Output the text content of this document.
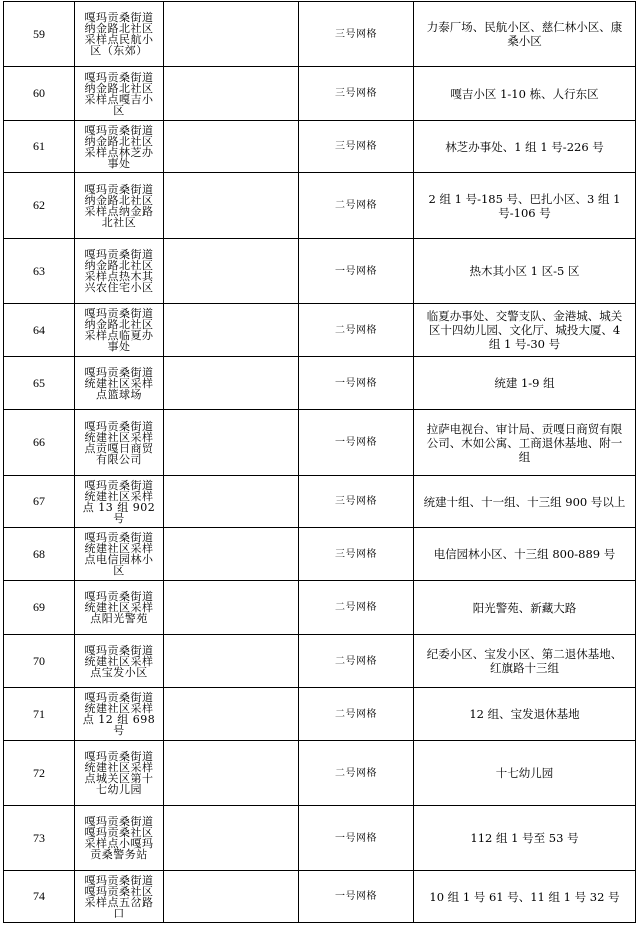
59	嘎玛贡桑街道纳金路北社区采样点民航小区（东郊）		三号网格	力泰厂场、民航小区、慈仁林小区、康桑小区
60	嘎玛贡桑街道纳金路北社区采样点嘎吉小区		三号网格	嘎吉小区 1-10 栋、人行东区
61	嘎玛贡桑街道纳金路北社区采样点林芝办事处		三号网格	林芝办事处、1 组 1 号-226 号
62	嘎玛贡桑街道纳金路北社区采样点纳金路北社区		二号网格	2 组 1 号-185 号、巴扎小区、3 组 1 号-106 号
63	嘎玛贡桑街道纳金路北社区采样点热木其兴农住宅小区		一号网格	热木其小区 1 区-5 区
64	嘎玛贡桑街道纳金路北社区采样点临夏办事处		二号网格	临夏办事处、交警支队、金港城、城关区十四幼儿园、文化厅、城投大厦、4 组 1 号-30 号
65	嘎玛贡桑街道统建社区采样点篮球场		一号网格	统建 1-9 组
66	嘎玛贡桑街道统建社区采样点贡嘎日商贸有限公司		一号网格	拉萨电视台、审计局、贡嘎日商贸有限公司、木如公寓、工商退休基地、附一组
67	嘎玛贡桑街道统建社区采样点 13 组 902 号		三号网格	统建十组、十一组、十三组 900 号以上
68	嘎玛贡桑街道统建社区采样点电信园林小区		三号网格	电信园林小区、十三组 800-889 号
69	嘎玛贡桑街道统建社区采样点阳光警苑		二号网格	阳光警苑、新藏大路
70	嘎玛贡桑街道统建社区采样点宝发小区		二号网格	纪委小区、宝发小区、第二退休基地、红旗路十三组
71	嘎玛贡桑街道统建社区采样点 12 组 698 号		二号网格	12 组、宝发退休基地
72	嘎玛贡桑街道统建社区采样点城关区第十七幼儿园		二号网格	十七幼儿园
73	嘎玛贡桑街道嘎玛贡桑社区采样点小嘎玛贡桑警务站		一号网格	112 组 1 号至 53 号
74	嘎玛贡桑街道嘎玛贡桑社区采样点五岔路口		一号网格	10 组 1 号 61 号、11 组 1 号 32 号
